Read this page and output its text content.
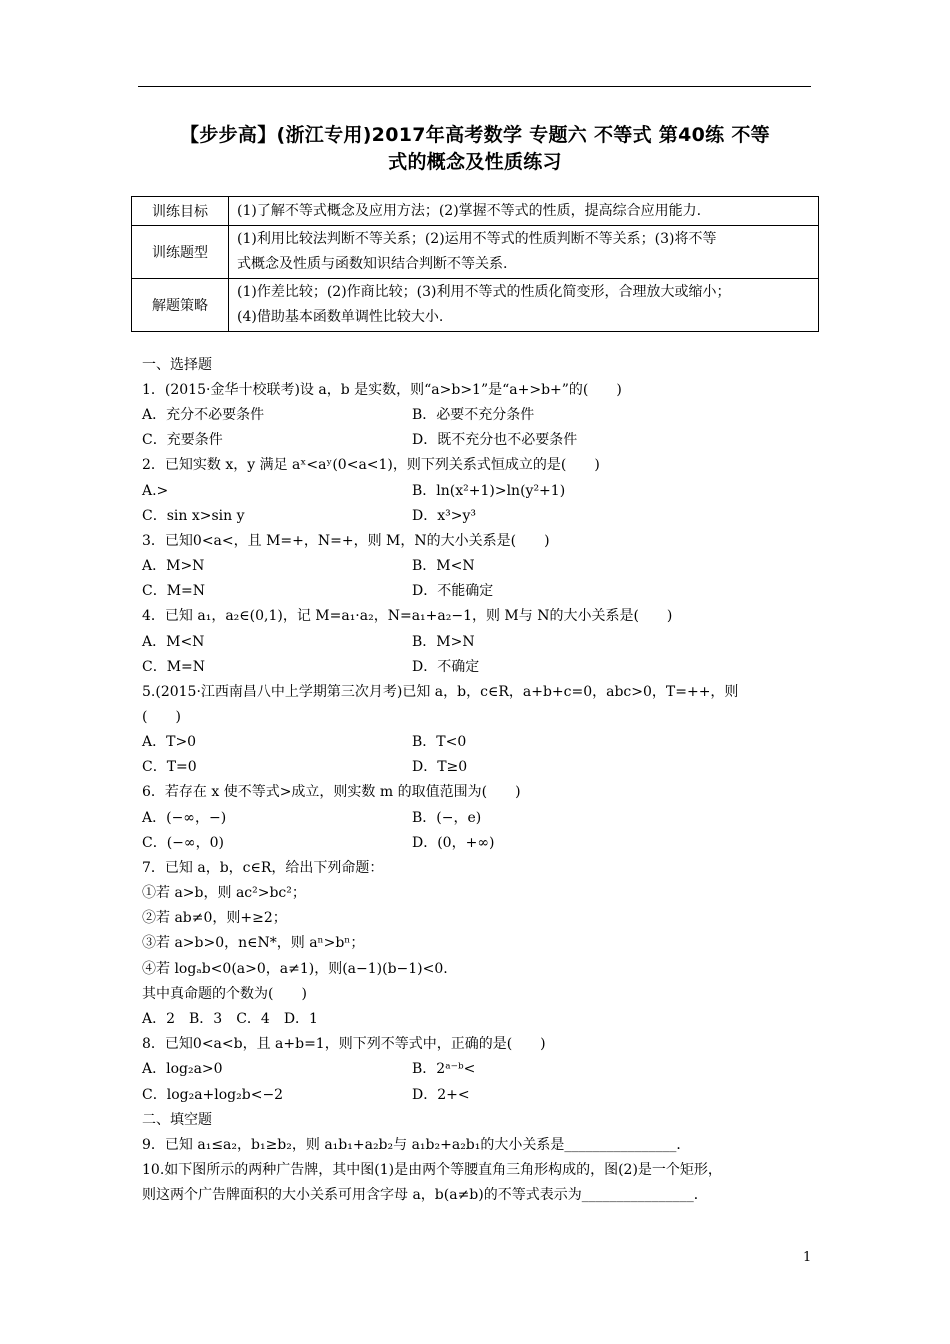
【步步高】(浙江专用)2017年高考数学 专题六 不等式 第40练 不等
式的概念及性质练习
训练目标	(1)了解不等式概念及应用方法；(2)掌握不等式的性质，提高综合应用能力.

训练题型	(1)利用比较法判断不等关系；(2)运用不等式的性质判断不等关系；(3)将不等
式概念及性质与函数知识结合判断不等关系.

解题策略	(1)作差比较；(2)作商比较；(3)利用不等式的性质化简变形，合理放大或缩小；
(4)借助基本函数单调性比较大小.
一、选择题
1．(2015·金华十校联考)设 a，b 是实数，则“a>b>1”是“a+>b+”的(　　)
A．充分不必要条件	B．必要不充分条件
C．充要条件	D．既不充分也不必要条件
2．已知实数 x，y 满足 aˣ<aʸ(0<a<1)，则下列关系式恒成立的是(　　)
A.>	B．ln(x²+1)>ln(y²+1)
C．sin x>sin y	D．x³>y³
3．已知0<a<，且 M=+，N=+，则 M，N的大小关系是(　　)
A．M>N	B．M<N
C．M=N	D．不能确定
4．已知 a₁，a₂∈(0,1)，记 M=a₁·a₂，N=a₁+a₂−1，则 M与 N的大小关系是(　　)
A．M<N	B．M>N
C．M=N	D．不确定
5.(2015·江西南昌八中上学期第三次月考)已知 a，b，c∈R，a+b+c=0，abc>0，T=++，则
(　　)
A．T>0	B．T<0
C．T=0	D．T≥0
6．若存在 x 使不等式>成立，则实数 m 的取值范围为(　　)
A．(−∞，−)	B．(−，e)
C．(−∞，0)	D．(0，+∞)
7．已知 a，b，c∈R，给出下列命题：
①若 a>b，则 ac²>bc²；
②若 ab≠0，则+≥2；
③若 a>b>0，n∈N*，则 aⁿ>bⁿ；
④若 logₐb<0(a>0，a≠1)，则(a−1)(b−1)<0.
其中真命题的个数为(　　)
A．2　B．3　C．4　D．1
8．已知0<a<b，且 a+b=1，则下列不等式中，正确的是(　　)
A．log₂a>0	B．2ᵃ⁻ᵇ<
C．log₂a+log₂b<−2	D．2+<
二、填空题
9．已知 a₁≤a₂，b₁≥b₂，则 a₁b₁+a₂b₂与 a₁b₂+a₂b₁的大小关系是________________．
10.如下图所示的两种广告牌，其中图(1)是由两个等腰直角三角形构成的，图(2)是一个矩形，
则这两个广告牌面积的大小关系可用含字母 a，b(a≠b)的不等式表示为________________．
1
